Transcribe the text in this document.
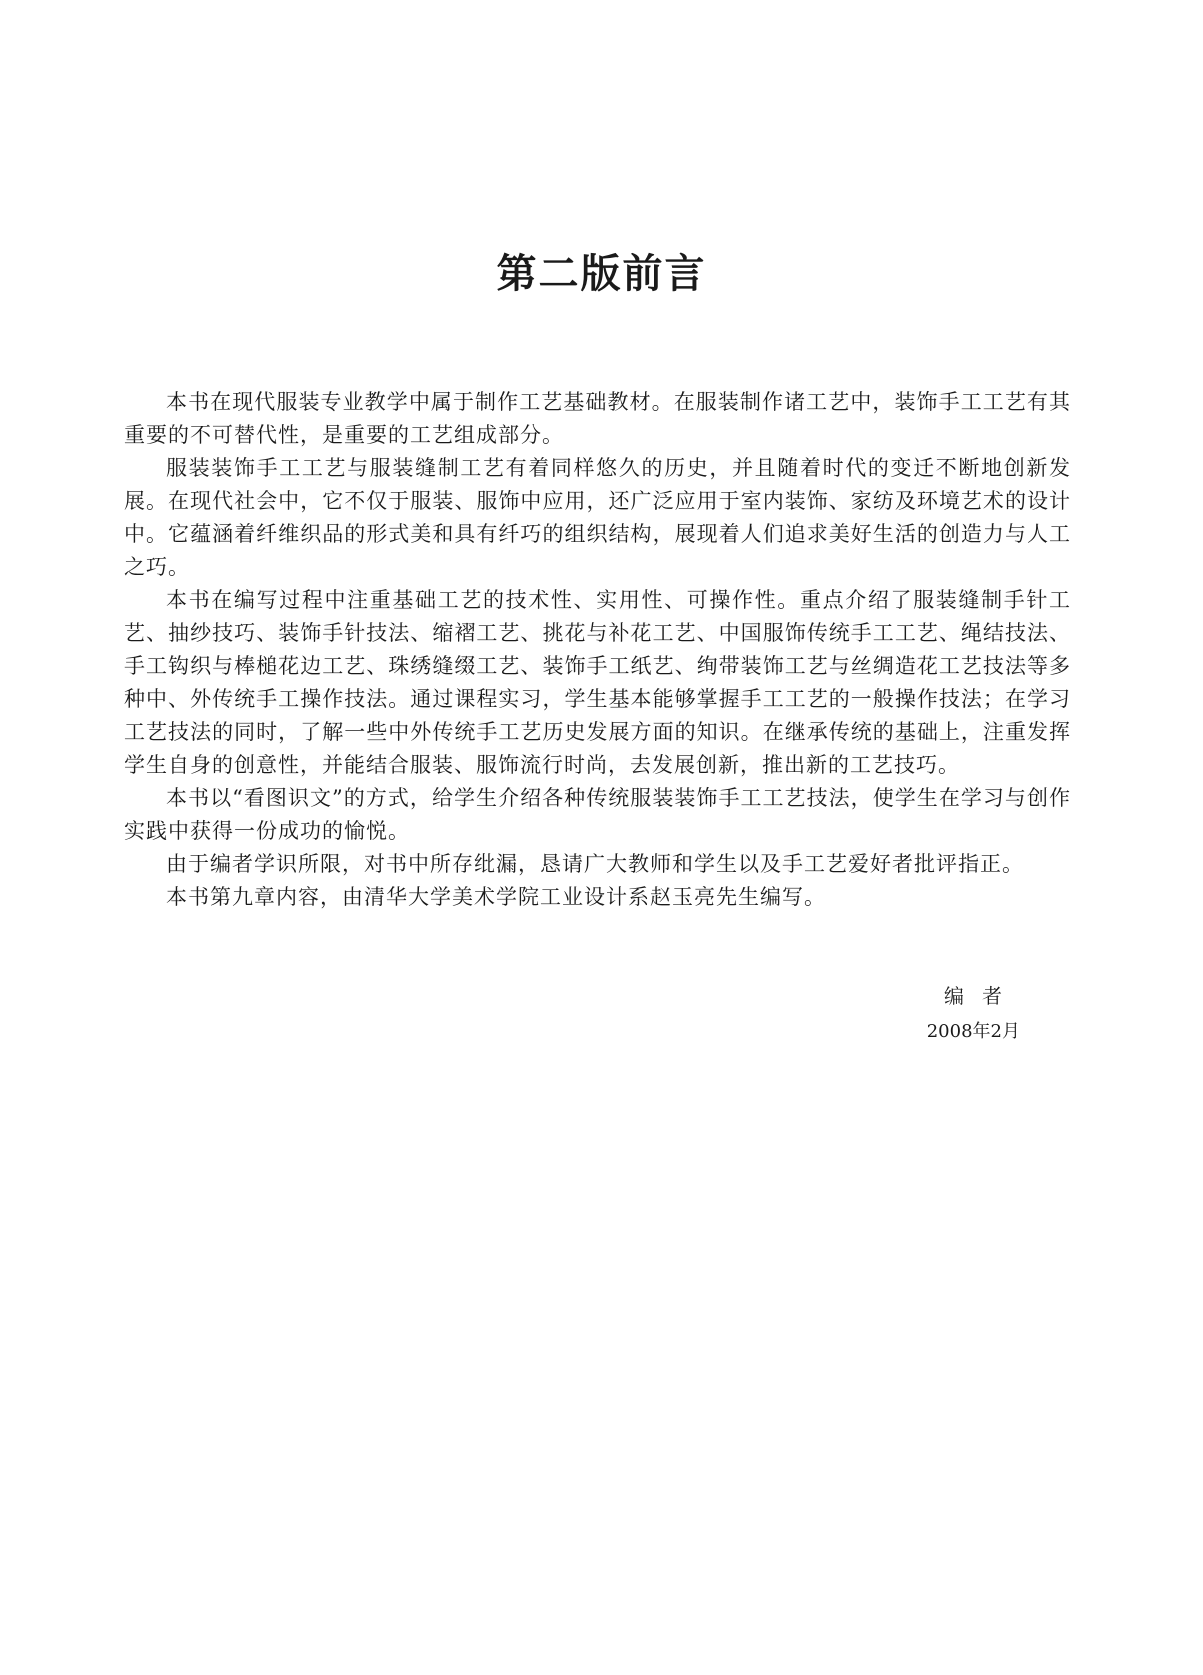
第二版前言

本书在现代服装专业教学中属于制作工艺基础教材。在服装制作诸工艺中，装饰手工工艺有其重要的不可替代性，是重要的工艺组成部分。

服装装饰手工工艺与服装缝制工艺有着同样悠久的历史，并且随着时代的变迁不断地创新发展。在现代社会中，它不仅于服装、服饰中应用，还广泛应用于室内装饰、家纺及环境艺术的设计中。它蕴涵着纤维织品的形式美和具有纤巧的组织结构，展现着人们追求美好生活的创造力与人工之巧。

本书在编写过程中注重基础工艺的技术性、实用性、可操作性。重点介绍了服装缝制手针工艺、抽纱技巧、装饰手针技法、缩褶工艺、挑花与补花工艺、中国服饰传统手工工艺、绳结技法、手工钩织与棒槌花边工艺、珠绣缝缀工艺、装饰手工纸艺、绚带装饰工艺与丝绸造花工艺技法等多种中、外传统手工操作技法。通过课程实习，学生基本能够掌握手工工艺的一般操作技法；在学习工艺技法的同时，了解一些中外传统手工艺历史发展方面的知识。在继承传统的基础上，注重发挥学生自身的创意性，并能结合服装、服饰流行时尚，去发展创新，推出新的工艺技巧。

本书以“看图识文”的方式，给学生介绍各种传统服装装饰手工工艺技法，使学生在学习与创作实践中获得一份成功的愉悦。

由于编者学识所限，对书中所存纰漏，恳请广大教师和学生以及手工艺爱好者批评指正。

本书第九章内容，由清华大学美术学院工业设计系赵玉亮先生编写。

编者

2008年2月
